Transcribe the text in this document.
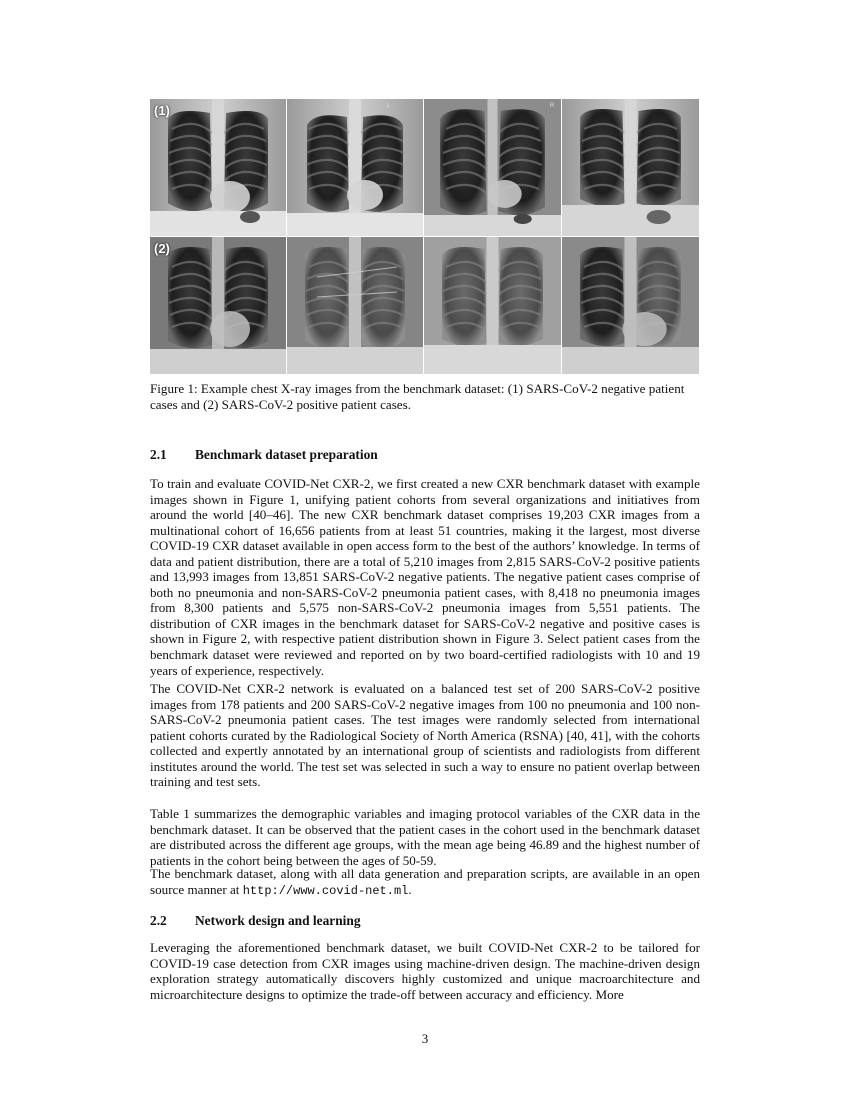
(1)	L	R
(2)
Figure 1: Example chest X-ray images from the benchmark dataset: (1) SARS-CoV-2 negative patient cases and (2) SARS-CoV-2 positive patient cases.
2.1 Benchmark dataset preparation

To train and evaluate COVID-Net CXR-2, we first created a new CXR benchmark dataset with example images shown in Figure 1, unifying patient cohorts from several organizations and initiatives from around the world [40–46]. The new CXR benchmark dataset comprises 19,203 CXR images from a multinational cohort of 16,656 patients from at least 51 countries, making it the largest, most diverse COVID-19 CXR dataset available in open access form to the best of the authors’ knowledge. In terms of data and patient distribution, there are a total of 5,210 images from 2,815 SARS-CoV-2 positive patients and 13,993 images from 13,851 SARS-CoV-2 negative patients. The negative patient cases comprise of both no pneumonia and non-SARS-CoV-2 pneumonia patient cases, with 8,418 no pneumonia images from 8,300 patients and 5,575 non-SARS-CoV-2 pneumonia images from 5,551 patients. The distribution of CXR images in the benchmark dataset for SARS-CoV-2 negative and positive cases is shown in Figure 2, with respective patient distribution shown in Figure 3. Select patient cases from the benchmark dataset were reviewed and reported on by two board-certified radiologists with 10 and 19 years of experience, respectively.

The COVID-Net CXR-2 network is evaluated on a balanced test set of 200 SARS-CoV-2 positive images from 178 patients and 200 SARS-CoV-2 negative images from 100 no pneumonia and 100 non-SARS-CoV-2 pneumonia patient cases. The test images were randomly selected from international patient cohorts curated by the Radiological Society of North America (RSNA) [40, 41], with the cohorts collected and expertly annotated by an international group of scientists and radiologists from different institutes around the world. The test set was selected in such a way to ensure no patient overlap between training and test sets.

Table 1 summarizes the demographic variables and imaging protocol variables of the CXR data in the benchmark dataset. It can be observed that the patient cases in the cohort used in the benchmark dataset are distributed across the different age groups, with the mean age being 46.89 and the highest number of patients in the cohort being between the ages of 50-59.

The benchmark dataset, along with all data generation and preparation scripts, are available in an open source manner at http://www.covid-net.ml.

2.2 Network design and learning

Leveraging the aforementioned benchmark dataset, we built COVID-Net CXR-2 to be tailored for COVID-19 case detection from CXR images using machine-driven design. The machine-driven design exploration strategy automatically discovers highly customized and unique macroarchitecture and microarchitecture designs to optimize the trade-off between accuracy and efficiency. More

3
